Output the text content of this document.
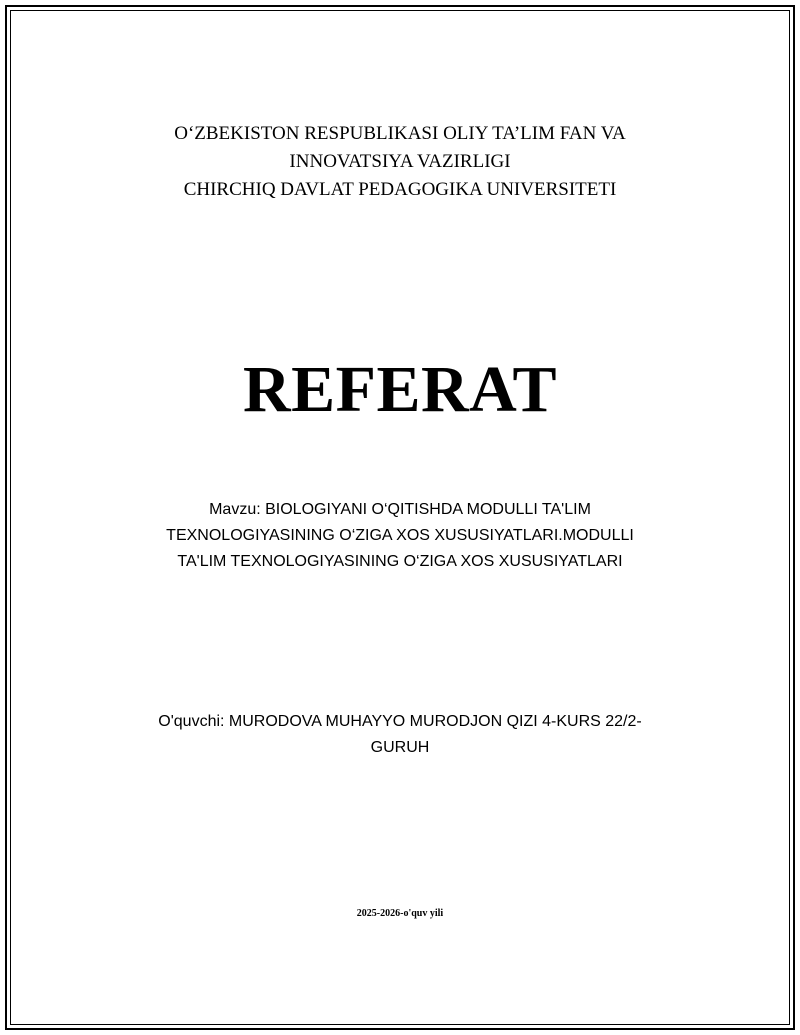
O‘ZBEKISTON RESPUBLIKASI OLIY TA’LIM FAN VA
INNOVATSIYA VAZIRLIGI
CHIRCHIQ DAVLAT PEDAGOGIKA UNIVERSITETI
REFERAT
Mavzu: BIOLOGIYANI O‘QITISHDA MODULLI TA'LIM
TEXNOLOGIYASINING O‘ZIGA XOS XUSUSIYATLARI.MODULLI
TA'LIM TEXNOLOGIYASINING O‘ZIGA XOS XUSUSIYATLARI
O'quvchi: MURODOVA MUHAYYO MURODJON QIZI 4-KURS 22/2-
GURUH
2025-2026-o'quv yili
